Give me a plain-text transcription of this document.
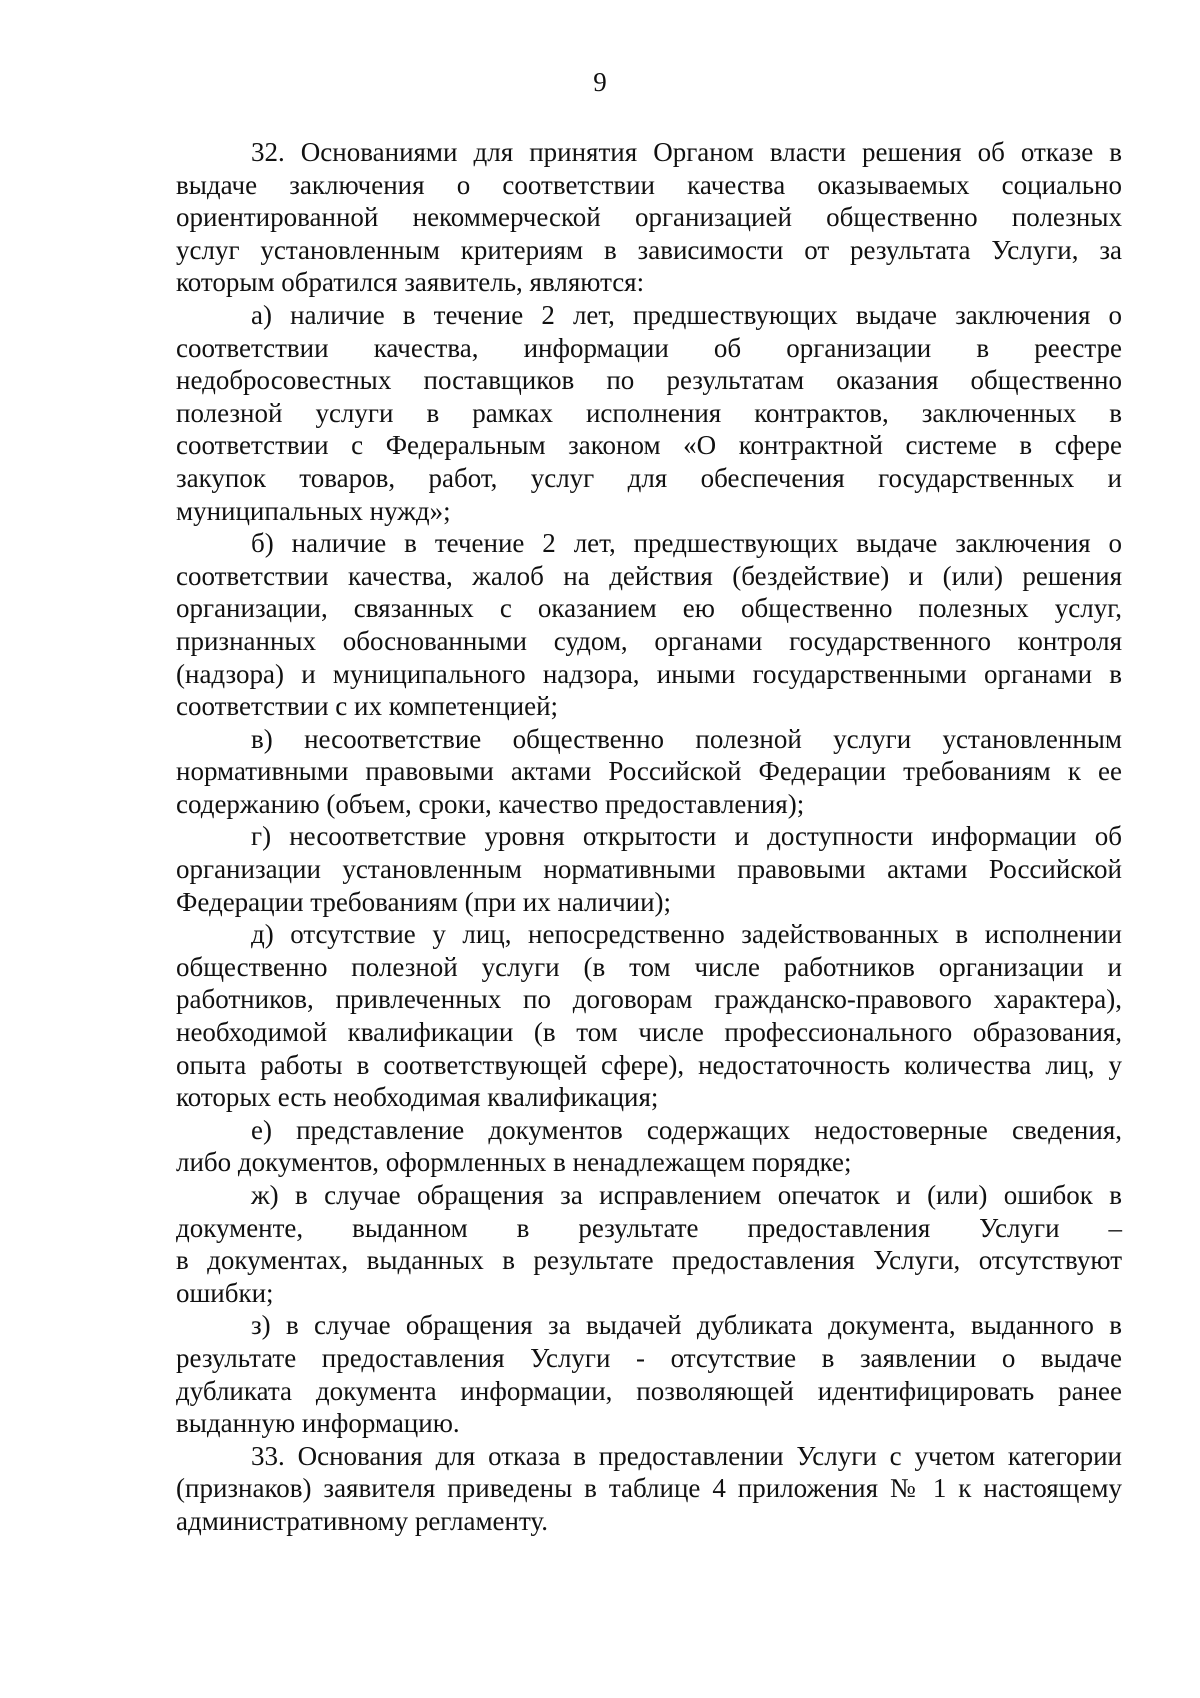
9

32. Основаниями для принятия Органом власти решения об отказе в
выдаче заключения о соответствии качества оказываемых социально
ориентированной некоммерческой организацией общественно полезных
услуг установленным критериям в зависимости от результата Услуги, за
которым обратился заявитель, являются:

а) наличие в течение 2 лет, предшествующих выдаче заключения о
соответствии качества, информации об организации в реестре
недобросовестных поставщиков по результатам оказания общественно
полезной услуги в рамках исполнения контрактов, заключенных в
соответствии с Федеральным законом «О контрактной системе в сфере
закупок товаров, работ, услуг для обеспечения государственных и
муниципальных нужд»;

б) наличие в течение 2 лет, предшествующих выдаче заключения о
соответствии качества, жалоб на действия (бездействие) и (или) решения
организации, связанных с оказанием ею общественно полезных услуг,
признанных обоснованными судом, органами государственного контроля
(надзора) и муниципального надзора, иными государственными органами в
соответствии с их компетенцией;

в) несоответствие общественно полезной услуги установленным
нормативными правовыми актами Российской Федерации требованиям к ее
содержанию (объем, сроки, качество предоставления);

г) несоответствие уровня открытости и доступности информации об
организации установленным нормативными правовыми актами Российской
Федерации требованиям (при их наличии);

д) отсутствие у лиц, непосредственно задействованных в исполнении
общественно полезной услуги (в том числе работников организации и
работников, привлеченных по договорам гражданско-правового характера),
необходимой квалификации (в том числе профессионального образования,
опыта работы в соответствующей сфере), недостаточность количества лиц, у
которых есть необходимая квалификация;

е) представление документов содержащих недостоверные сведения,
либо документов, оформленных в ненадлежащем порядке;

ж) в случае обращения за исправлением опечаток и (или) ошибок в
документе, выданном в результате предоставления Услуги –
в документах, выданных в результате предоставления Услуги, отсутствуют
ошибки;

з) в случае обращения за выдачей дубликата документа, выданного в
результате предоставления Услуги - отсутствие в заявлении о выдаче
дубликата документа информации, позволяющей идентифицировать ранее
выданную информацию.

33. Основания для отказа в предоставлении Услуги с учетом категории
(признаков) заявителя приведены в таблице 4 приложения № 1 к настоящему
административному регламенту.
